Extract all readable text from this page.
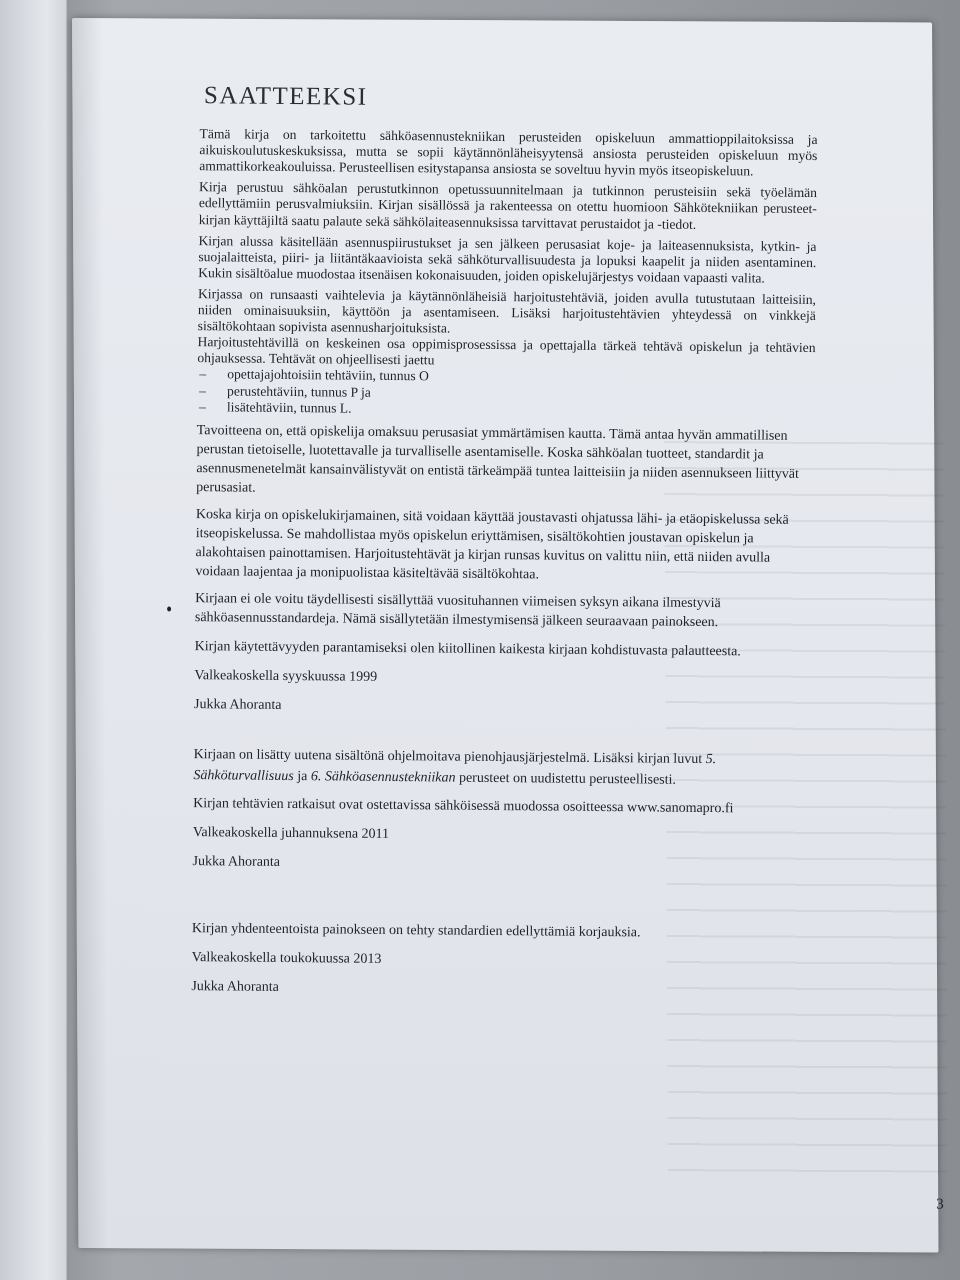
3
SAATTEEKSI

Tämä kirja on tarkoitettu sähköasennustekniikan perusteiden opiskeluun ammattioppilaitoksissa ja aikuiskoulutuskeskuksissa, mutta se sopii käytännönläheisyytensä ansiosta perusteiden opiskeluun myös ammattikorkeakouluissa. Perusteellisen esitystapansa ansiosta se soveltuu hyvin myös itseopiskeluun.

Kirja perustuu sähköalan perustutkinnon opetussuunnitelmaan ja tutkinnon perusteisiin sekä työelämän edellyttämiin perusvalmiuksiin. Kirjan sisällössä ja rakenteessa on otettu huomioon Sähkötekniikan perusteet-kirjan käyttäjiltä saatu palaute sekä sähkölaiteasennuksissa tarvittavat perustaidot ja -tiedot.

Kirjan alussa käsitellään asennuspiirustukset ja sen jälkeen perusasiat koje- ja laiteasennuksista, kytkin- ja suojalaitteista, piiri- ja liitäntäkaavioista sekä sähköturvallisuudesta ja lopuksi kaapelit ja niiden asentaminen. Kukin sisältöalue muodostaa itsenäisen kokonaisuuden, joiden opiskelujärjestys voidaan vapaasti valita.

Kirjassa on runsaasti vaihtelevia ja käytännönläheisiä harjoitustehtäviä, joiden avulla tutustutaan laitteisiin, niiden ominaisuuksiin, käyttöön ja asentamiseen. Lisäksi harjoitustehtävien yhteydessä on vinkkejä sisältökohtaan sopivista asennusharjoituksista.

Harjoitustehtävillä on keskeinen osa oppimisprosessissa ja opettajalla tärkeä tehtävä opiskelun ja tehtävien ohjauksessa. Tehtävät on ohjeellisesti jaettu

– opettajajohtoisiin tehtäviin, tunnus O
– perustehtäviin, tunnus P ja
– lisätehtäviin, tunnus L.

Tavoitteena on, että opiskelija omaksuu perusasiat ymmärtämisen kautta. Tämä antaa hyvän ammatillisen perustan tietoiselle, luotettavalle ja turvalliselle asentamiselle. Koska sähköalan tuotteet, standardit ja asennusmenetelmät kansainvälistyvät on entistä tärkeämpää tuntea laitteisiin ja niiden asennukseen liittyvät perusasiat.

Koska kirja on opiskelukirjamainen, sitä voidaan käyttää joustavasti ohjatussa lähi- ja etäopiskelussa sekä itseopiskelussa. Se mahdollistaa myös opiskelun eriyttämisen, sisältökohtien joustavan opiskelun ja alakohtaisen painottamisen. Harjoitustehtävät ja kirjan runsas kuvitus on valittu niin, että niiden avulla voidaan laajentaa ja monipuolistaa käsiteltävää sisältökohtaa.

Kirjaan ei ole voitu täydellisesti sisällyttää vuosituhannen viimeisen syksyn aikana ilmestyviä sähköasennusstandardeja. Nämä sisällytetään ilmestymisensä jälkeen seuraavaan painokseen.

Kirjan käytettävyyden parantamiseksi olen kiitollinen kaikesta kirjaan kohdistuvasta palautteesta.

Valkeakoskella syyskuussa 1999

Jukka Ahoranta

Kirjaan on lisätty uutena sisältönä ohjelmoitava pienohjausjärjestelmä. Lisäksi kirjan luvut 5. Sähköturvallisuus ja 6. Sähköasennustekniikan perusteet on uudistettu perusteellisesti.

Kirjan tehtävien ratkaisut ovat ostettavissa sähköisessä muodossa osoitteessa www.sanomapro.fi

Valkeakoskella juhannuksena 2011

Jukka Ahoranta

Kirjan yhdenteentoista painokseen on tehty standardien edellyttämiä korjauksia.

Valkeakoskella toukokuussa 2013

Jukka Ahoranta
